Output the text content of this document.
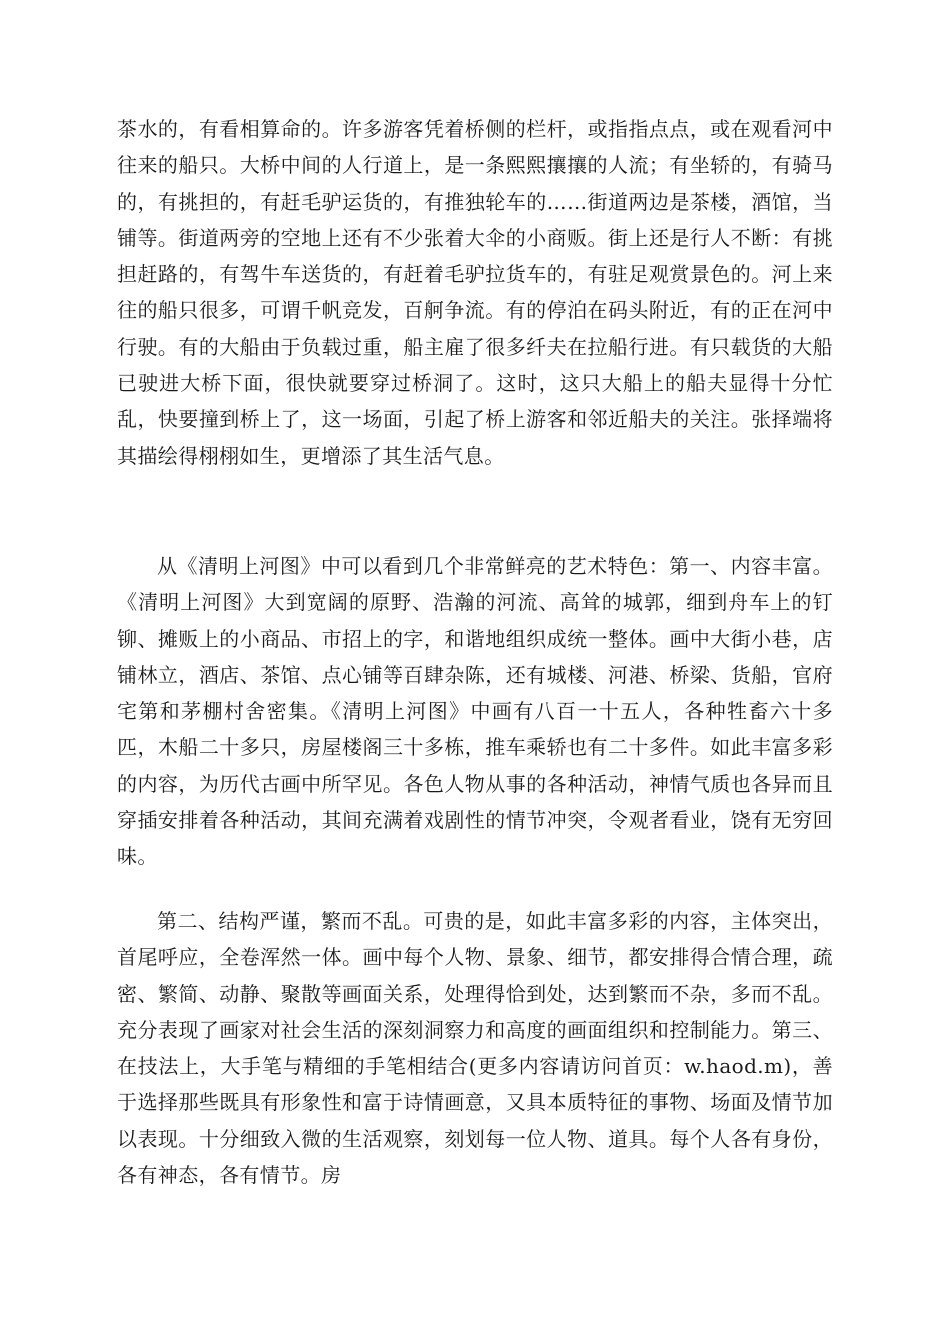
茶水的，有看相算命的。许多游客凭着桥侧的栏杆，或指指点点，或在观看河中往来的船只。大桥中间的人行道上，是一条熙熙攘攘的人流；有坐轿的，有骑马的，有挑担的，有赶毛驴运货的，有推独轮车的……街道两边是茶楼，酒馆，当铺等。街道两旁的空地上还有不少张着大伞的小商贩。街上还是行人不断：有挑担赶路的，有驾牛车送货的，有赶着毛驴拉货车的，有驻足观赏景色的。河上来往的船只很多，可谓千帆竞发，百舸争流。有的停泊在码头附近，有的正在河中行驶。有的大船由于负载过重，船主雇了很多纤夫在拉船行进。有只载货的大船已驶进大桥下面，很快就要穿过桥洞了。这时，这只大船上的船夫显得十分忙乱，快要撞到桥上了，这一场面，引起了桥上游客和邻近船夫的关注。张择端将其描绘得栩栩如生，更增添了其生活气息。

从《清明上河图》中可以看到几个非常鲜亮的艺术特色：第一、内容丰富。《清明上河图》大到宽阔的原野、浩瀚的河流、高耸的城郭，细到舟车上的钉铆、摊贩上的小商品、市招上的字，和谐地组织成统一整体。画中大街小巷，店铺林立，酒店、茶馆、点心铺等百肆杂陈，还有城楼、河港、桥梁、货船，官府宅第和茅棚村舍密集。《清明上河图》中画有八百一十五人，各种牲畜六十多匹，木船二十多只，房屋楼阁三十多栋，推车乘轿也有二十多件。如此丰富多彩的内容，为历代古画中所罕见。各色人物从事的各种活动，神情气质也各异而且穿插安排着各种活动，其间充满着戏剧性的情节冲突，令观者看业，饶有无穷回味。

第二、结构严谨，繁而不乱。可贵的是，如此丰富多彩的内容，主体突出，首尾呼应，全卷浑然一体。画中每个人物、景象、细节，都安排得合情合理，疏密、繁简、动静、聚散等画面关系，处理得恰到处，达到繁而不杂，多而不乱。充分表现了画家对社会生活的深刻洞察力和高度的画面组织和控制能力。第三、在技法上，大手笔与精细的手笔相结合(更多内容请访问首页：w.haod.m)，善于选择那些既具有形象性和富于诗情画意，又具本质特征的事物、场面及情节加以表现。十分细致入微的生活观察，刻划每一位人物、道具。每个人各有身份，各有神态，各有情节。房
